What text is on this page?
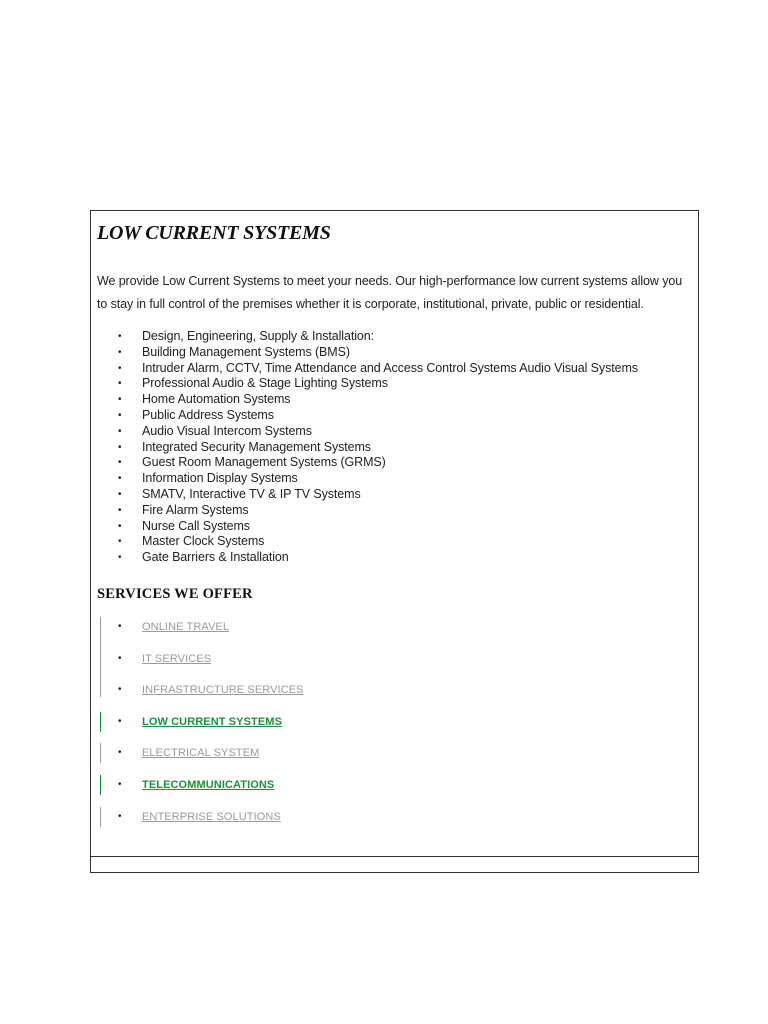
LOW CURRENT SYSTEMS

We provide Low Current Systems to meet your needs. Our high-performance low current systems allow you to stay in full control of the premises whether it is corporate, institutional, private, public or residential.

• Design, Engineering, Supply & Installation:
• Building Management Systems (BMS)
• Intruder Alarm, CCTV, Time Attendance and Access Control Systems Audio Visual Systems
• Professional Audio & Stage Lighting Systems
• Home Automation Systems
• Public Address Systems
• Audio Visual Intercom Systems
• Integrated Security Management Systems
• Guest Room Management Systems (GRMS)
• Information Display Systems
• SMATV, Interactive TV & IP TV Systems
• Fire Alarm Systems
• Nurse Call Systems
• Master Clock Systems
• Gate Barriers & Installation
SERVICES WE OFFER
• ONLINE TRAVEL
• IT SERVICES
• INFRASTRUCTURE SERVICES
• LOW CURRENT SYSTEMS
• ELECTRICAL SYSTEM
• TELECOMMUNICATIONS
• ENTERPRISE SOLUTIONS
